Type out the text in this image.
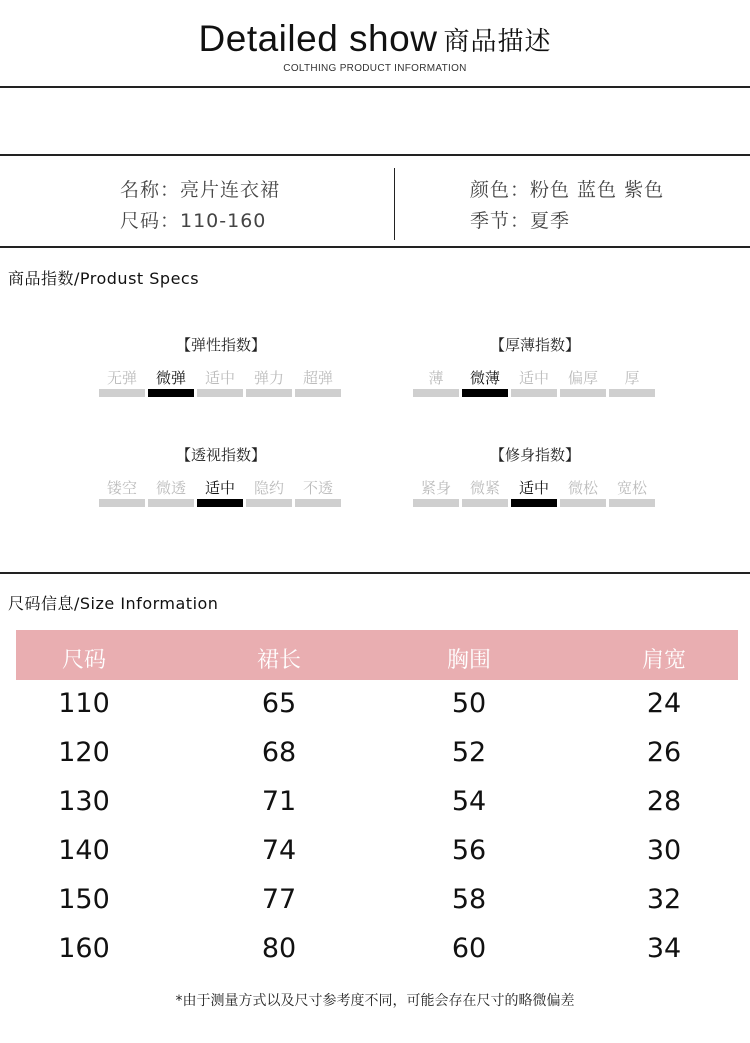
Detailed show 商品描述
COLTHING PRODUCT INFORMATION
名称：亮片连衣裙
尺码：110-160
颜色：粉色 蓝色 紫色
季节：夏季
商品指数/Produst Specs
【弹性指数】
无弹	微弹	适中	弹力	超弹
【厚薄指数】
薄	微薄	适中	偏厚	厚
【透视指数】
镂空	微透	适中	隐约	不透
【修身指数】
紧身	微紧	适中	微松	宽松
尺码信息/Size Information
尺码	裙长	胸围	肩宽
110	65	50	24
120	68	52	26
130	71	54	28
140	74	56	30
150	77	58	32
160	80	60	34
*由于测量方式以及尺寸参考度不同，可能会存在尺寸的略微偏差
